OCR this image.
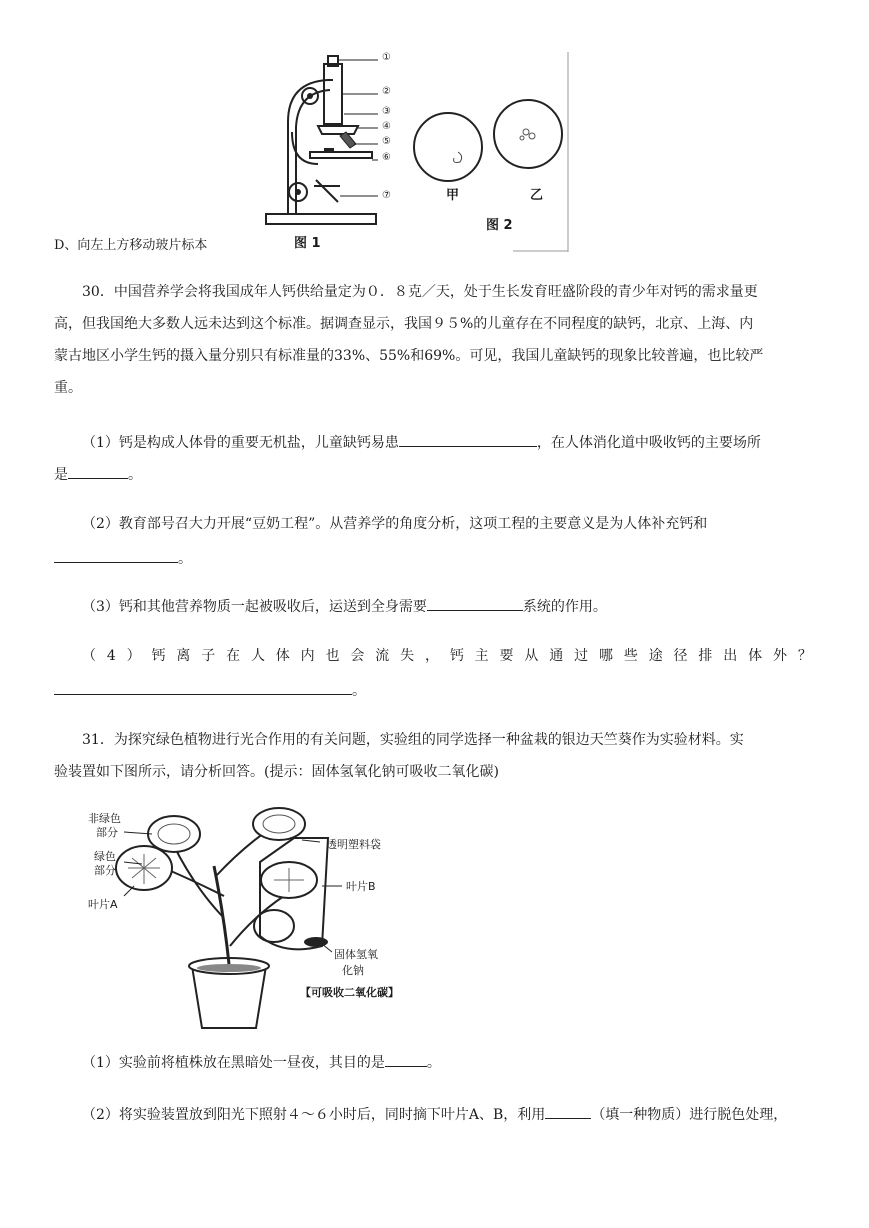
①
②
③
④
⑤
⑥
⑦	甲	乙
图 1
图 2
D、向左上方移动玻片标本
30．中国营养学会将我国成年人钙供给量定为０．８克／天，处于生长发育旺盛阶段的青少年对钙的需求量更
高，但我国绝大多数人远未达到这个标准。据调查显示，我国９５%的儿童存在不同程度的缺钙，北京、上海、内
蒙古地区小学生钙的摄入量分别只有标准量的33%、55%和69%。可见，我国儿童缺钙的现象比较普遍，也比较严
重。
（1）钙是构成人体骨的重要无机盐，儿童缺钙易患	，在人体消化道中吸收钙的主要场所
是	。
（2）教育部号召大力开展“豆奶工程”。从营养学的角度分析，这项工程的主要意义是为人体补充钙和
。
（3）钙和其他营养物质一起被吸收后，运送到全身需要	系统的作用。
（ 4 ） 钙 离 子 在 人 体 内 也 会 流 失 ， 钙 主 要 从 通 过 哪 些 途 径 排 出 体 外 ？
。
31．为探究绿色植物进行光合作用的有关问题，实验组的同学选择一种盆栽的银边天竺葵作为实验材料。实
验装置如下图所示，请分析回答。(提示：固体氢氧化钠可吸收二氧化碳)
非绿色
部分
绿色
部分
叶片A
透明塑料袋
叶片B
固体氢氧
化钠
【可吸收二氧化碳】
（1）实验前将植株放在黑暗处一昼夜，其目的是	。
（2）将实验装置放到阳光下照射４～６小时后，同时摘下叶片A、B，利用	（填一种物质）进行脱色处理，
